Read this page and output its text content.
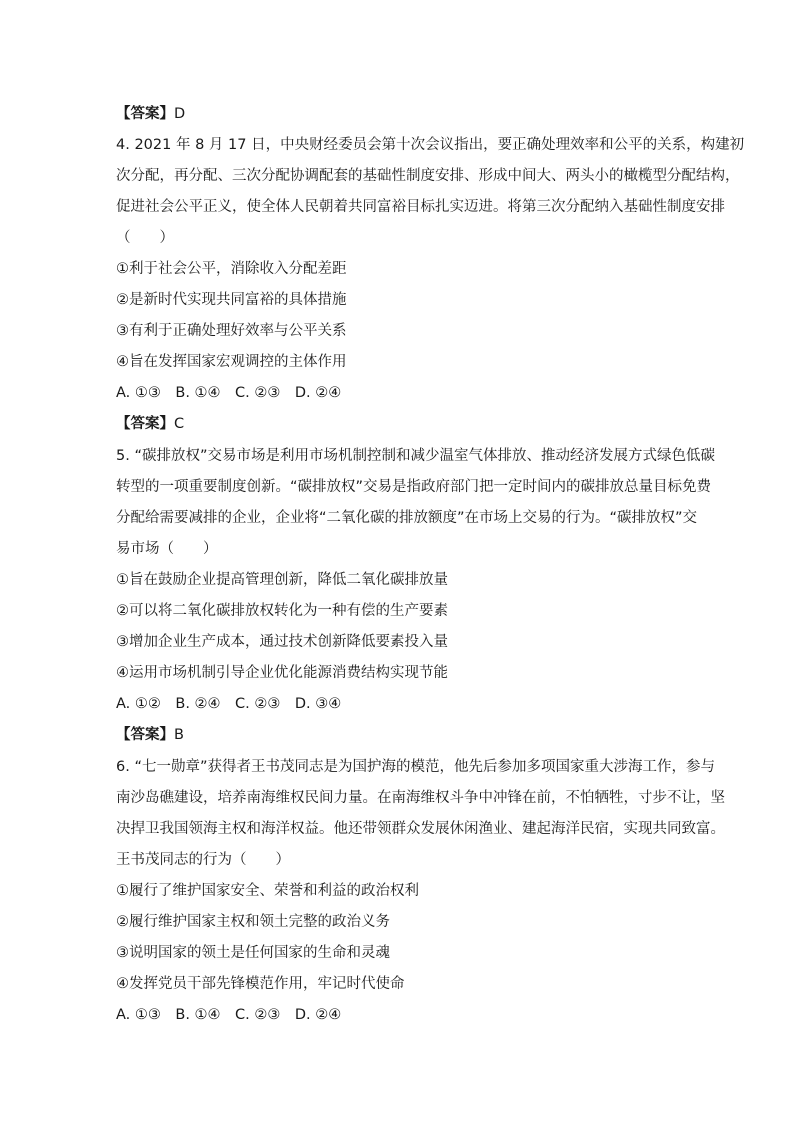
【答案】D
4. 2021 年 8 月 17 日，中央财经委员会第十次会议指出，要正确处理效率和公平的关系，构建初
次分配，再分配、三次分配协调配套的基础性制度安排、形成中间大、两头小的橄榄型分配结构，
促进社会公平正义，使全体人民朝着共同富裕目标扎实迈进。将第三次分配纳入基础性制度安排
（　　）
①利于社会公平，消除收入分配差距
②是新时代实现共同富裕的具体措施
③有利于正确处理好效率与公平关系
④旨在发挥国家宏观调控的主体作用
A. ①③　B. ①④　C. ②③　D. ②④
【答案】C
5. “碳排放权”交易市场是利用市场机制控制和减少温室气体排放、推动经济发展方式绿色低碳
转型的一项重要制度创新。“碳排放权”交易是指政府部门把一定时间内的碳排放总量目标免费
分配给需要减排的企业，企业将“二氧化碳的排放额度”在市场上交易的行为。“碳排放权”交
易市场（　　）
①旨在鼓励企业提高管理创新，降低二氧化碳排放量
②可以将二氧化碳排放权转化为一种有偿的生产要素
③增加企业生产成本，通过技术创新降低要素投入量
④运用市场机制引导企业优化能源消费结构实现节能
A. ①②　B. ②④　C. ②③　D. ③④
【答案】B
6. “七一勋章”获得者王书茂同志是为国护海的模范，他先后参加多项国家重大涉海工作，参与
南沙岛礁建设，培养南海维权民间力量。在南海维权斗争中冲锋在前，不怕牺牲，寸步不让，坚
决捍卫我国领海主权和海洋权益。他还带领群众发展休闲渔业、建起海洋民宿，实现共同致富。
王书茂同志的行为（　　）
①履行了维护国家安全、荣誉和利益的政治权利
②履行维护国家主权和领土完整的政治义务
③说明国家的领土是任何国家的生命和灵魂
④发挥党员干部先锋模范作用，牢记时代使命
A. ①③　B. ①④　C. ②③　D. ②④
